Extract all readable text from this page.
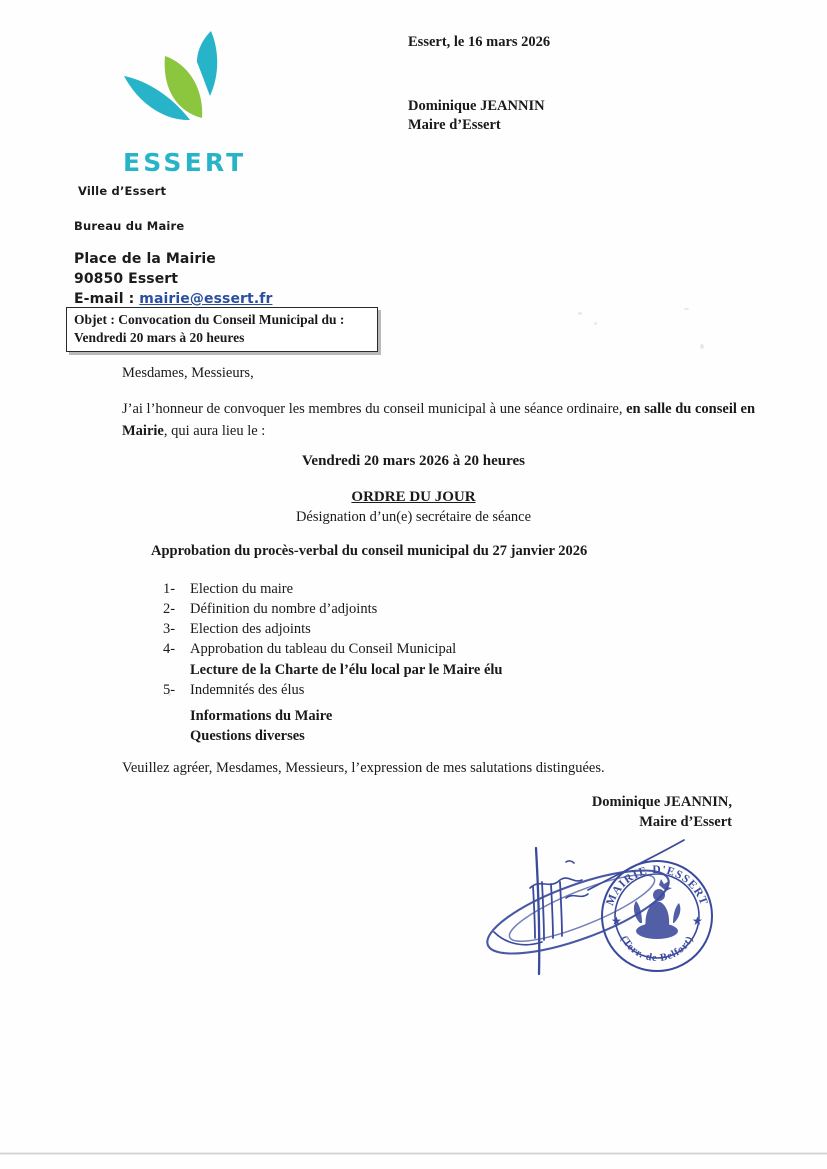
ESSERT
Essert, le 16 mars 2026
Dominique JEANNIN
Maire d’Essert
Ville d’Essert
Bureau du Maire
Place de la Mairie
90850 Essert
E-mail : mairie@essert.fr
Objet : Convocation du Conseil Municipal du :
Vendredi 20 mars à 20 heures
Mesdames, Messieurs,
J’ai l’honneur de convoquer les membres du conseil municipal à une séance ordinaire, en salle du conseil en Mairie, qui aura lieu le :
Vendredi 20 mars 2026 à 20 heures
ORDRE DU JOUR
Désignation d’un(e) secrétaire de séance
Approbation du procès-verbal du conseil municipal du 27 janvier 2026
1-	Election du maire
2-	Définition du nombre d’adjoints
3-	Election des adjoints
4-	Approbation du tableau du Conseil Municipal
Lecture de la Charte de l’élu local par le Maire élu
5-	Indemnités des élus
Informations du Maire
Questions diverses
Veuillez agréer, Mesdames, Messieurs, l’expression de mes salutations distinguées.
Dominique JEANNIN,
Maire d’Essert
MAIRIE D'ESSERT
(Terr. de Belfort)
★	★
